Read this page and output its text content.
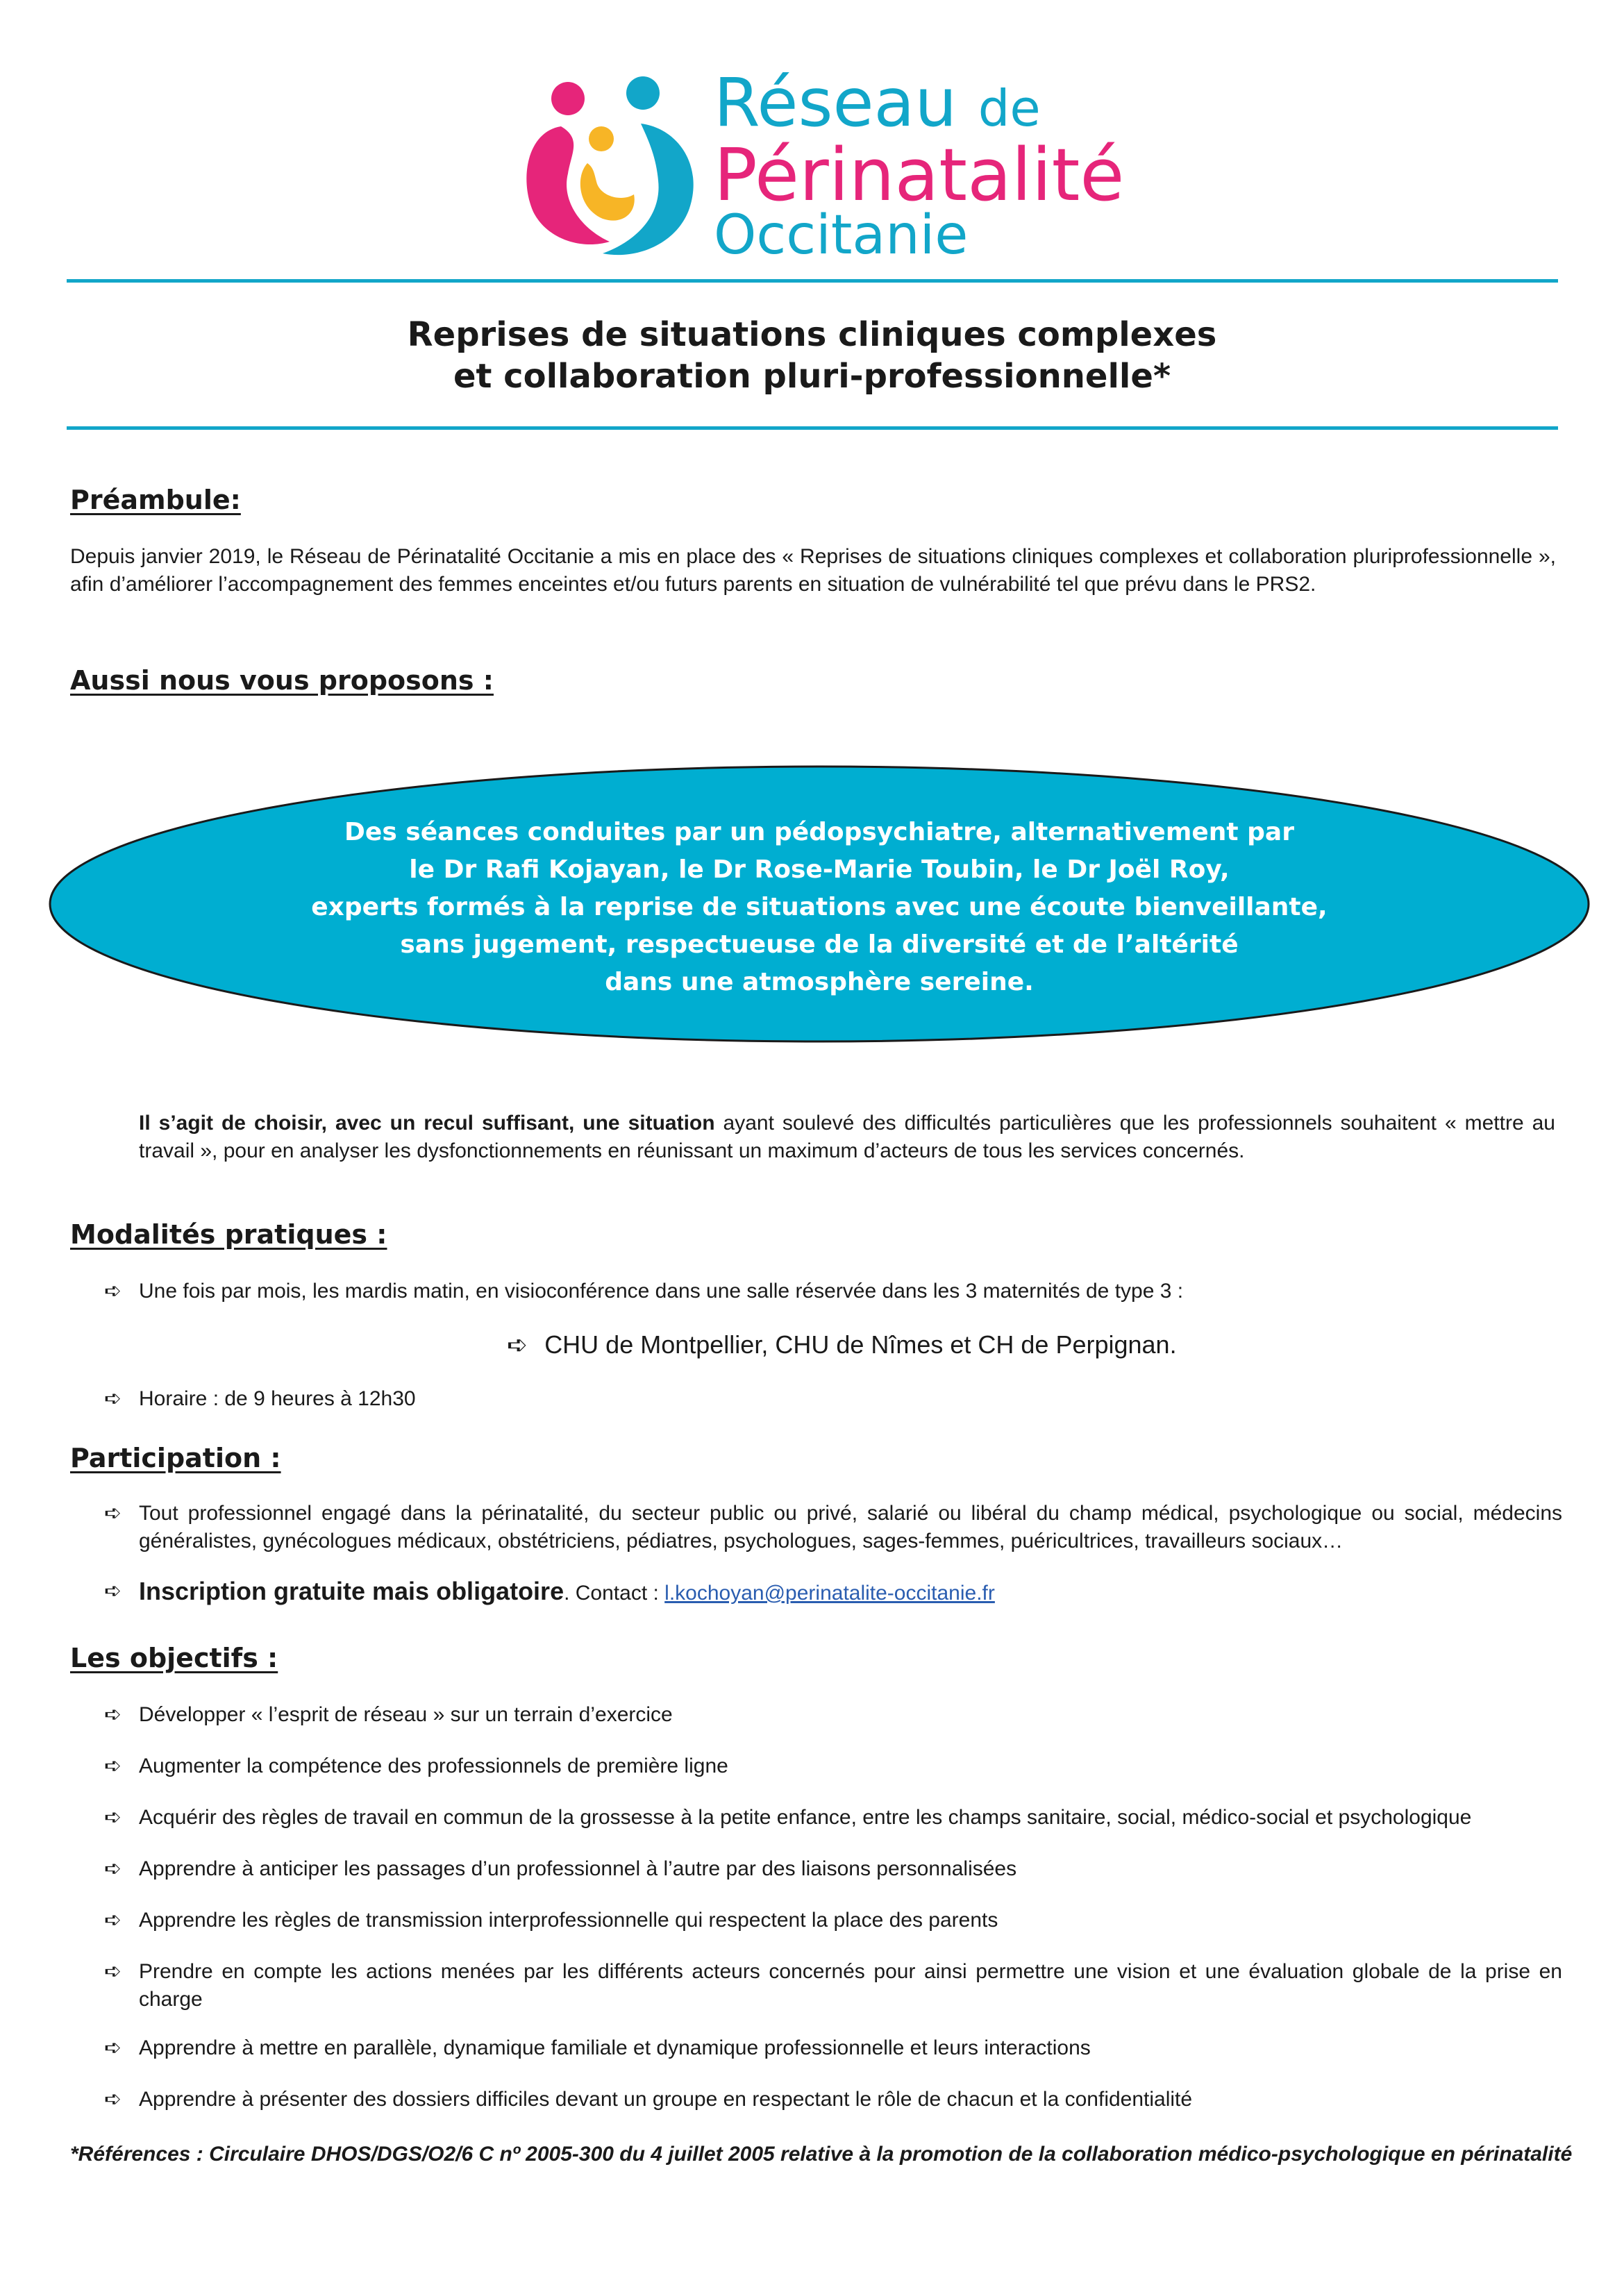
Réseau de
Périnatalité
Occitanie
Reprises de situations cliniques complexes
et collaboration pluri-professionnelle*
Préambule:
Depuis janvier 2019, le Réseau de Périnatalité Occitanie a mis en place des « Reprises de situations cliniques complexes et collaboration pluriprofessionnelle », afin d’améliorer l’accompagnement des femmes enceintes et/ou futurs parents en situation de vulnérabilité tel que prévu dans le PRS2.
Aussi nous vous proposons :
Des séances conduites par un pédopsychiatre, alternativement par
le Dr Rafi Kojayan, le Dr Rose-Marie Toubin, le Dr Joël Roy,
experts formés à la reprise de situations avec une écoute bienveillante,
sans jugement, respectueuse de la diversité et de l’altérité
dans une atmosphère sereine.
Il s’agit de choisir, avec un recul suffisant, une situation ayant soulevé des difficultés particulières que les professionnels souhaitent « mettre au travail », pour en analyser les dysfonctionnements en réunissant un maximum d’acteurs de tous les services concernés.
Modalités pratiques :
➪ Une fois par mois, les mardis matin, en visioconférence dans une salle réservée dans les 3 maternités de type 3 :
➪ CHU de Montpellier, CHU de Nîmes et CH de Perpignan.
➪ Horaire : de 9 heures à 12h30
Participation :
➪ Tout professionnel engagé dans la périnatalité, du secteur public ou privé, salarié ou libéral du champ médical, psychologique ou social, médecins généralistes, gynécologues médicaux, obstétriciens, pédiatres, psychologues, sages-femmes, puéricultrices, travailleurs sociaux…
➪ Inscription gratuite mais obligatoire. Contact : l.kochoyan@perinatalite-occitanie.fr
Les objectifs :
➪ Développer « l’esprit de réseau » sur un terrain d’exercice
➪ Augmenter la compétence des professionnels de première ligne
➪ Acquérir des règles de travail en commun de la grossesse à la petite enfance, entre les champs sanitaire, social, médico-social et psychologique
➪ Apprendre à anticiper les passages d’un professionnel à l’autre par des liaisons personnalisées
➪ Apprendre les règles de transmission interprofessionnelle qui respectent la place des parents
➪ Prendre en compte les actions menées par les différents acteurs concernés pour ainsi permettre une vision et une évaluation globale de la prise en charge
➪ Apprendre à mettre en parallèle, dynamique familiale et dynamique professionnelle et leurs interactions
➪ Apprendre à présenter des dossiers difficiles devant un groupe en respectant le rôle de chacun et la confidentialité
*Références : Circulaire DHOS/DGS/O2/6 C nº 2005-300 du 4 juillet 2005 relative à la promotion de la collaboration médico-psychologique en périnatalité
